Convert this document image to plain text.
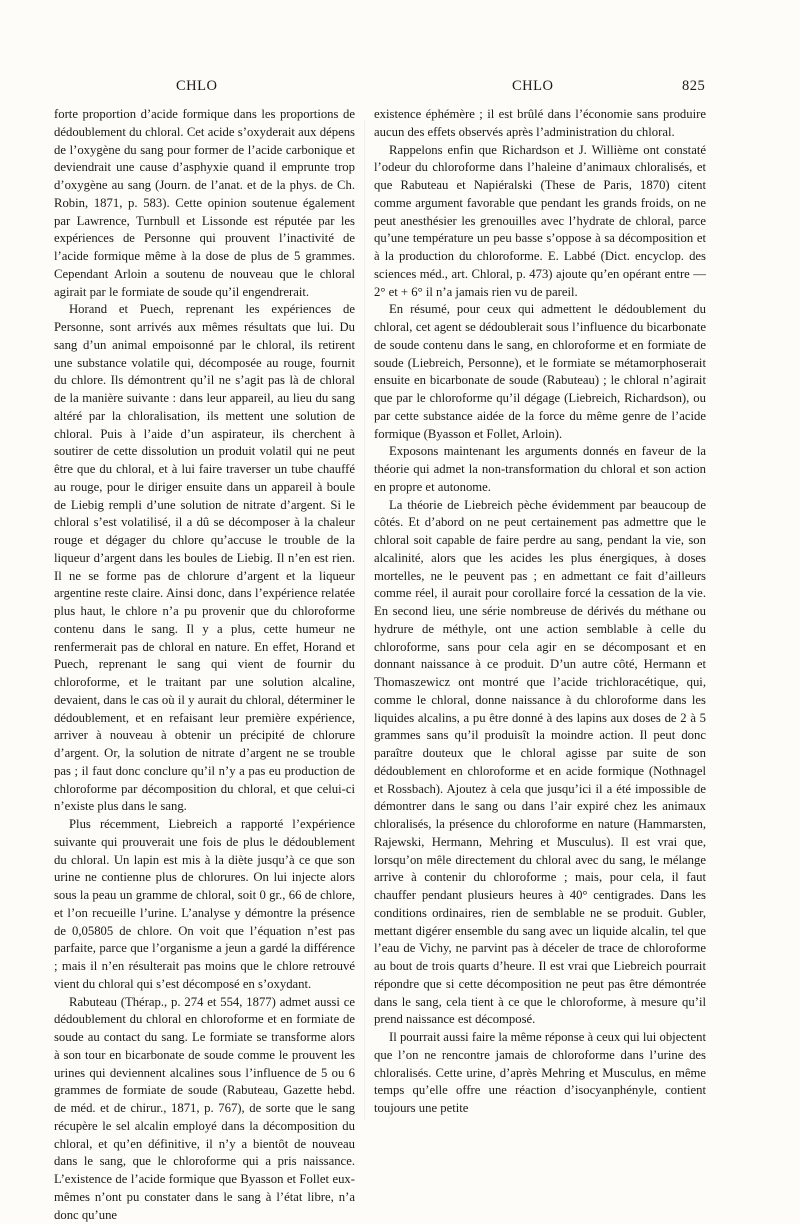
CHLO	CHLO	825

forte proportion d’acide formique dans les proportions de dédoublement du chloral. Cet acide s’oxyderait aux dépens de l’oxygène du sang pour former de l’acide carbonique et deviendrait une cause d’asphyxie quand il emprunte trop d’oxygène au sang (Journ. de l’anat. et de la phys. de Ch. Robin, 1871, p. 583). Cette opinion soutenue également par Lawrence, Turnbull et Lissonde est réputée par les expériences de Personne qui prouvent l’inactivité de l’acide formique même à la dose de plus de 5 grammes. Cependant Arloin a soutenu de nouveau que le chloral agirait par le formiate de soude qu’il engendrerait.

Horand et Puech, reprenant les expériences de Personne, sont arrivés aux mêmes résultats que lui. Du sang d’un animal empoisonné par le chloral, ils retirent une substance volatile qui, décomposée au rouge, fournit du chlore. Ils démontrent qu’il ne s’agit pas là de chloral de la manière suivante : dans leur appareil, au lieu du sang altéré par la chloralisation, ils mettent une solution de chloral. Puis à l’aide d’un aspirateur, ils cherchent à soutirer de cette dissolution un produit volatil qui ne peut être que du chloral, et à lui faire traverser un tube chauffé au rouge, pour le diriger ensuite dans un appareil à boule de Liebig rempli d’une solution de nitrate d’argent. Si le chloral s’est volatilisé, il a dû se décomposer à la chaleur rouge et dégager du chlore qu’accuse le trouble de la liqueur d’argent dans les boules de Liebig. Il n’en est rien. Il ne se forme pas de chlorure d’argent et la liqueur argentine reste claire. Ainsi donc, dans l’expérience relatée plus haut, le chlore n’a pu provenir que du chloroforme contenu dans le sang. Il y a plus, cette humeur ne renfermerait pas de chloral en nature. En effet, Horand et Puech, reprenant le sang qui vient de fournir du chloroforme, et le traitant par une solution alcaline, devaient, dans le cas où il y aurait du chloral, déterminer le dédoublement, et en refaisant leur première expérience, arriver à nouveau à obtenir un précipité de chlorure d’argent. Or, la solution de nitrate d’argent ne se trouble pas ; il faut donc conclure qu’il n’y a pas eu production de chloroforme par décomposition du chloral, et que celui-ci n’existe plus dans le sang.

Plus récemment, Liebreich a rapporté l’expérience suivante qui prouverait une fois de plus le dédoublement du chloral. Un lapin est mis à la diète jusqu’à ce que son urine ne contienne plus de chlorures. On lui injecte alors sous la peau un gramme de chloral, soit 0 gr., 66 de chlore, et l’on recueille l’urine. L’analyse y démontre la présence de 0,05805 de chlore. On voit que l’équation n’est pas parfaite, parce que l’organisme a jeun a gardé la différence ; mais il n’en résulterait pas moins que le chlore retrouvé vient du chloral qui s’est décomposé en s’oxydant.

Rabuteau (Thérap., p. 274 et 554, 1877) admet aussi ce dédoublement du chloral en chloroforme et en formiate de soude au contact du sang. Le formiate se transforme alors à son tour en bicarbonate de soude comme le prouvent les urines qui deviennent alcalines sous l’influence de 5 ou 6 grammes de formiate de soude (Rabuteau, Gazette hebd. de méd. et de chirur., 1871, p. 767), de sorte que le sang récupère le sel alcalin employé dans la décomposition du chloral, et qu’en définitive, il n’y a bientôt de nouveau dans le sang, que le chloroforme qui a pris naissance. L’existence de l’acide formique que Byasson et Follet eux-mêmes n’ont pu constater dans le sang à l’état libre, n’a donc qu’une

existence éphémère ; il est brûlé dans l’économie sans produire aucun des effets observés après l’administration du chloral.

Rappelons enfin que Richardson et J. Willième ont constaté l’odeur du chloroforme dans l’haleine d’animaux chloralisés, et que Rabuteau et Napiéralski (These de Paris, 1870) citent comme argument favorable que pendant les grands froids, on ne peut anesthésier les grenouilles avec l’hydrate de chloral, parce qu’une température un peu basse s’oppose à sa décomposition et à la production du chloroforme. E. Labbé (Dict. encyclop. des sciences méd., art. Chloral, p. 473) ajoute qu’en opérant entre — 2° et + 6° il n’a jamais rien vu de pareil.

En résumé, pour ceux qui admettent le dédoublement du chloral, cet agent se dédoublerait sous l’influence du bicarbonate de soude contenu dans le sang, en chloroforme et en formiate de soude (Liebreich, Personne), et le formiate se métamorphoserait ensuite en bicarbonate de soude (Rabuteau) ; le chloral n’agirait que par le chloroforme qu’il dégage (Liebreich, Richardson), ou par cette substance aidée de la force du même genre de l’acide formique (Byasson et Follet, Arloin).

Exposons maintenant les arguments donnés en faveur de la théorie qui admet la non-transformation du chloral et son action en propre et autonome.

La théorie de Liebreich pèche évidemment par beaucoup de côtés. Et d’abord on ne peut certainement pas admettre que le chloral soit capable de faire perdre au sang, pendant la vie, son alcalinité, alors que les acides les plus énergiques, à doses mortelles, ne le peuvent pas ; en admettant ce fait d’ailleurs comme réel, il aurait pour corollaire forcé la cessation de la vie. En second lieu, une série nombreuse de dérivés du méthane ou hydrure de méthyle, ont une action semblable à celle du chloroforme, sans pour cela agir en se décomposant et en donnant naissance à ce produit. D’un autre côté, Hermann et Thomaszewicz ont montré que l’acide trichloracétique, qui, comme le chloral, donne naissance à du chloroforme dans les liquides alcalins, a pu être donné à des lapins aux doses de 2 à 5 grammes sans qu’il produisît la moindre action. Il peut donc paraître douteux que le chloral agisse par suite de son dédoublement en chloroforme et en acide formique (Nothnagel et Rossbach). Ajoutez à cela que jusqu’ici il a été impossible de démontrer dans le sang ou dans l’air expiré chez les animaux chloralisés, la présence du chloroforme en nature (Hammarsten, Rajewski, Hermann, Mehring et Musculus). Il est vrai que, lorsqu’on mêle directement du chloral avec du sang, le mélange arrive à contenir du chloroforme ; mais, pour cela, il faut chauffer pendant plusieurs heures à 40° centigrades. Dans les conditions ordinaires, rien de semblable ne se produit. Gubler, mettant digérer ensemble du sang avec un liquide alcalin, tel que l’eau de Vichy, ne parvint pas à déceler de trace de chloroforme au bout de trois quarts d’heure. Il est vrai que Liebreich pourrait répondre que si cette décomposition ne peut pas être démontrée dans le sang, cela tient à ce que le chloroforme, à mesure qu’il prend naissance est décomposé.

Il pourrait aussi faire la même réponse à ceux qui lui objectent que l’on ne rencontre jamais de chloroforme dans l’urine des chloralisés. Cette urine, d’après Mehring et Musculus, en même temps qu’elle offre une réaction d’isocyanphényle, contient toujours une petite
